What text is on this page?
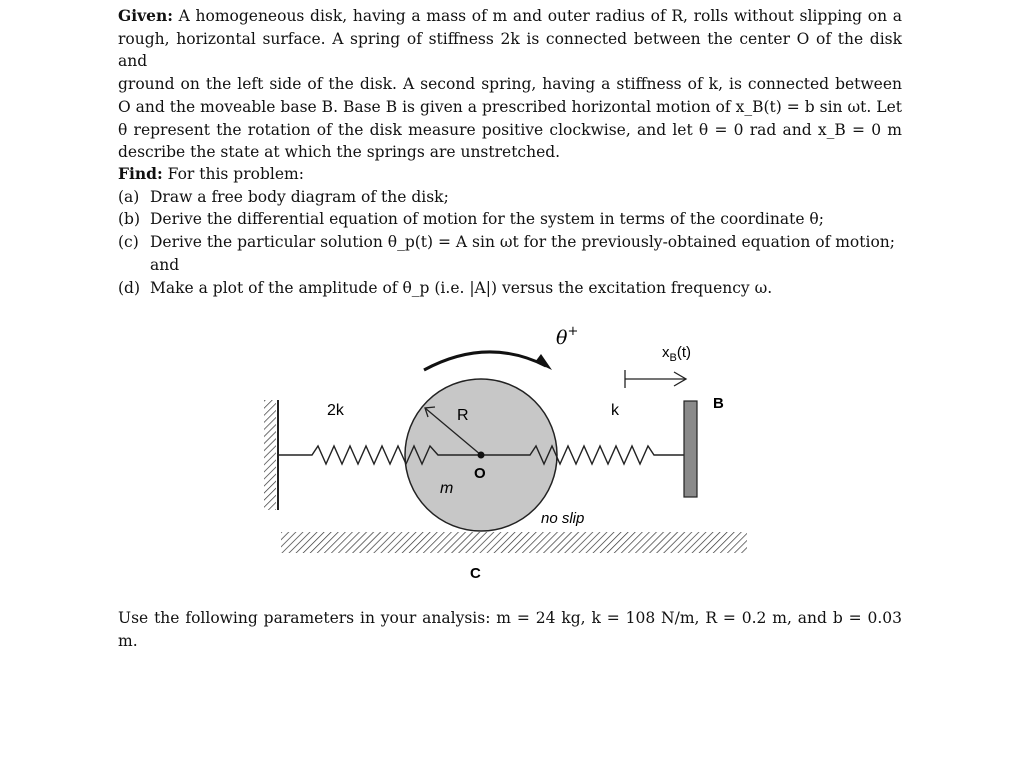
Given: A homogeneous disk, having a mass of m and outer radius of R, rolls without slipping on a
rough, horizontal surface. A spring of stiffness 2k is connected between the center O of the disk and
ground on the left side of the disk. A second spring, having a stiffness of k, is connected between
O and the moveable base B. Base B is given a prescribed horizontal motion of x_B(t) = b sin ωt. Let
θ represent the rotation of the disk measure positive clockwise, and let θ = 0 rad and x_B = 0 m
describe the state at which the springs are unstretched.
Find: For this problem:
(a) Draw a free body diagram of the disk;
(b) Derive the differential equation of motion for the system in terms of the coordinate θ;
(c) Derive the particular solution θ_p(t) = A sin ωt for the previously-obtained equation of motion;
and
(d) Make a plot of the amplitude of θ_p (i.e. |A|) versus the excitation frequency ω.
θ+
$x_B(t)$
2k	k
R
m
O
B
no slip
C
Use the following parameters in your analysis: m = 24 kg, k = 108 N/m, R = 0.2 m, and b = 0.03
m.
